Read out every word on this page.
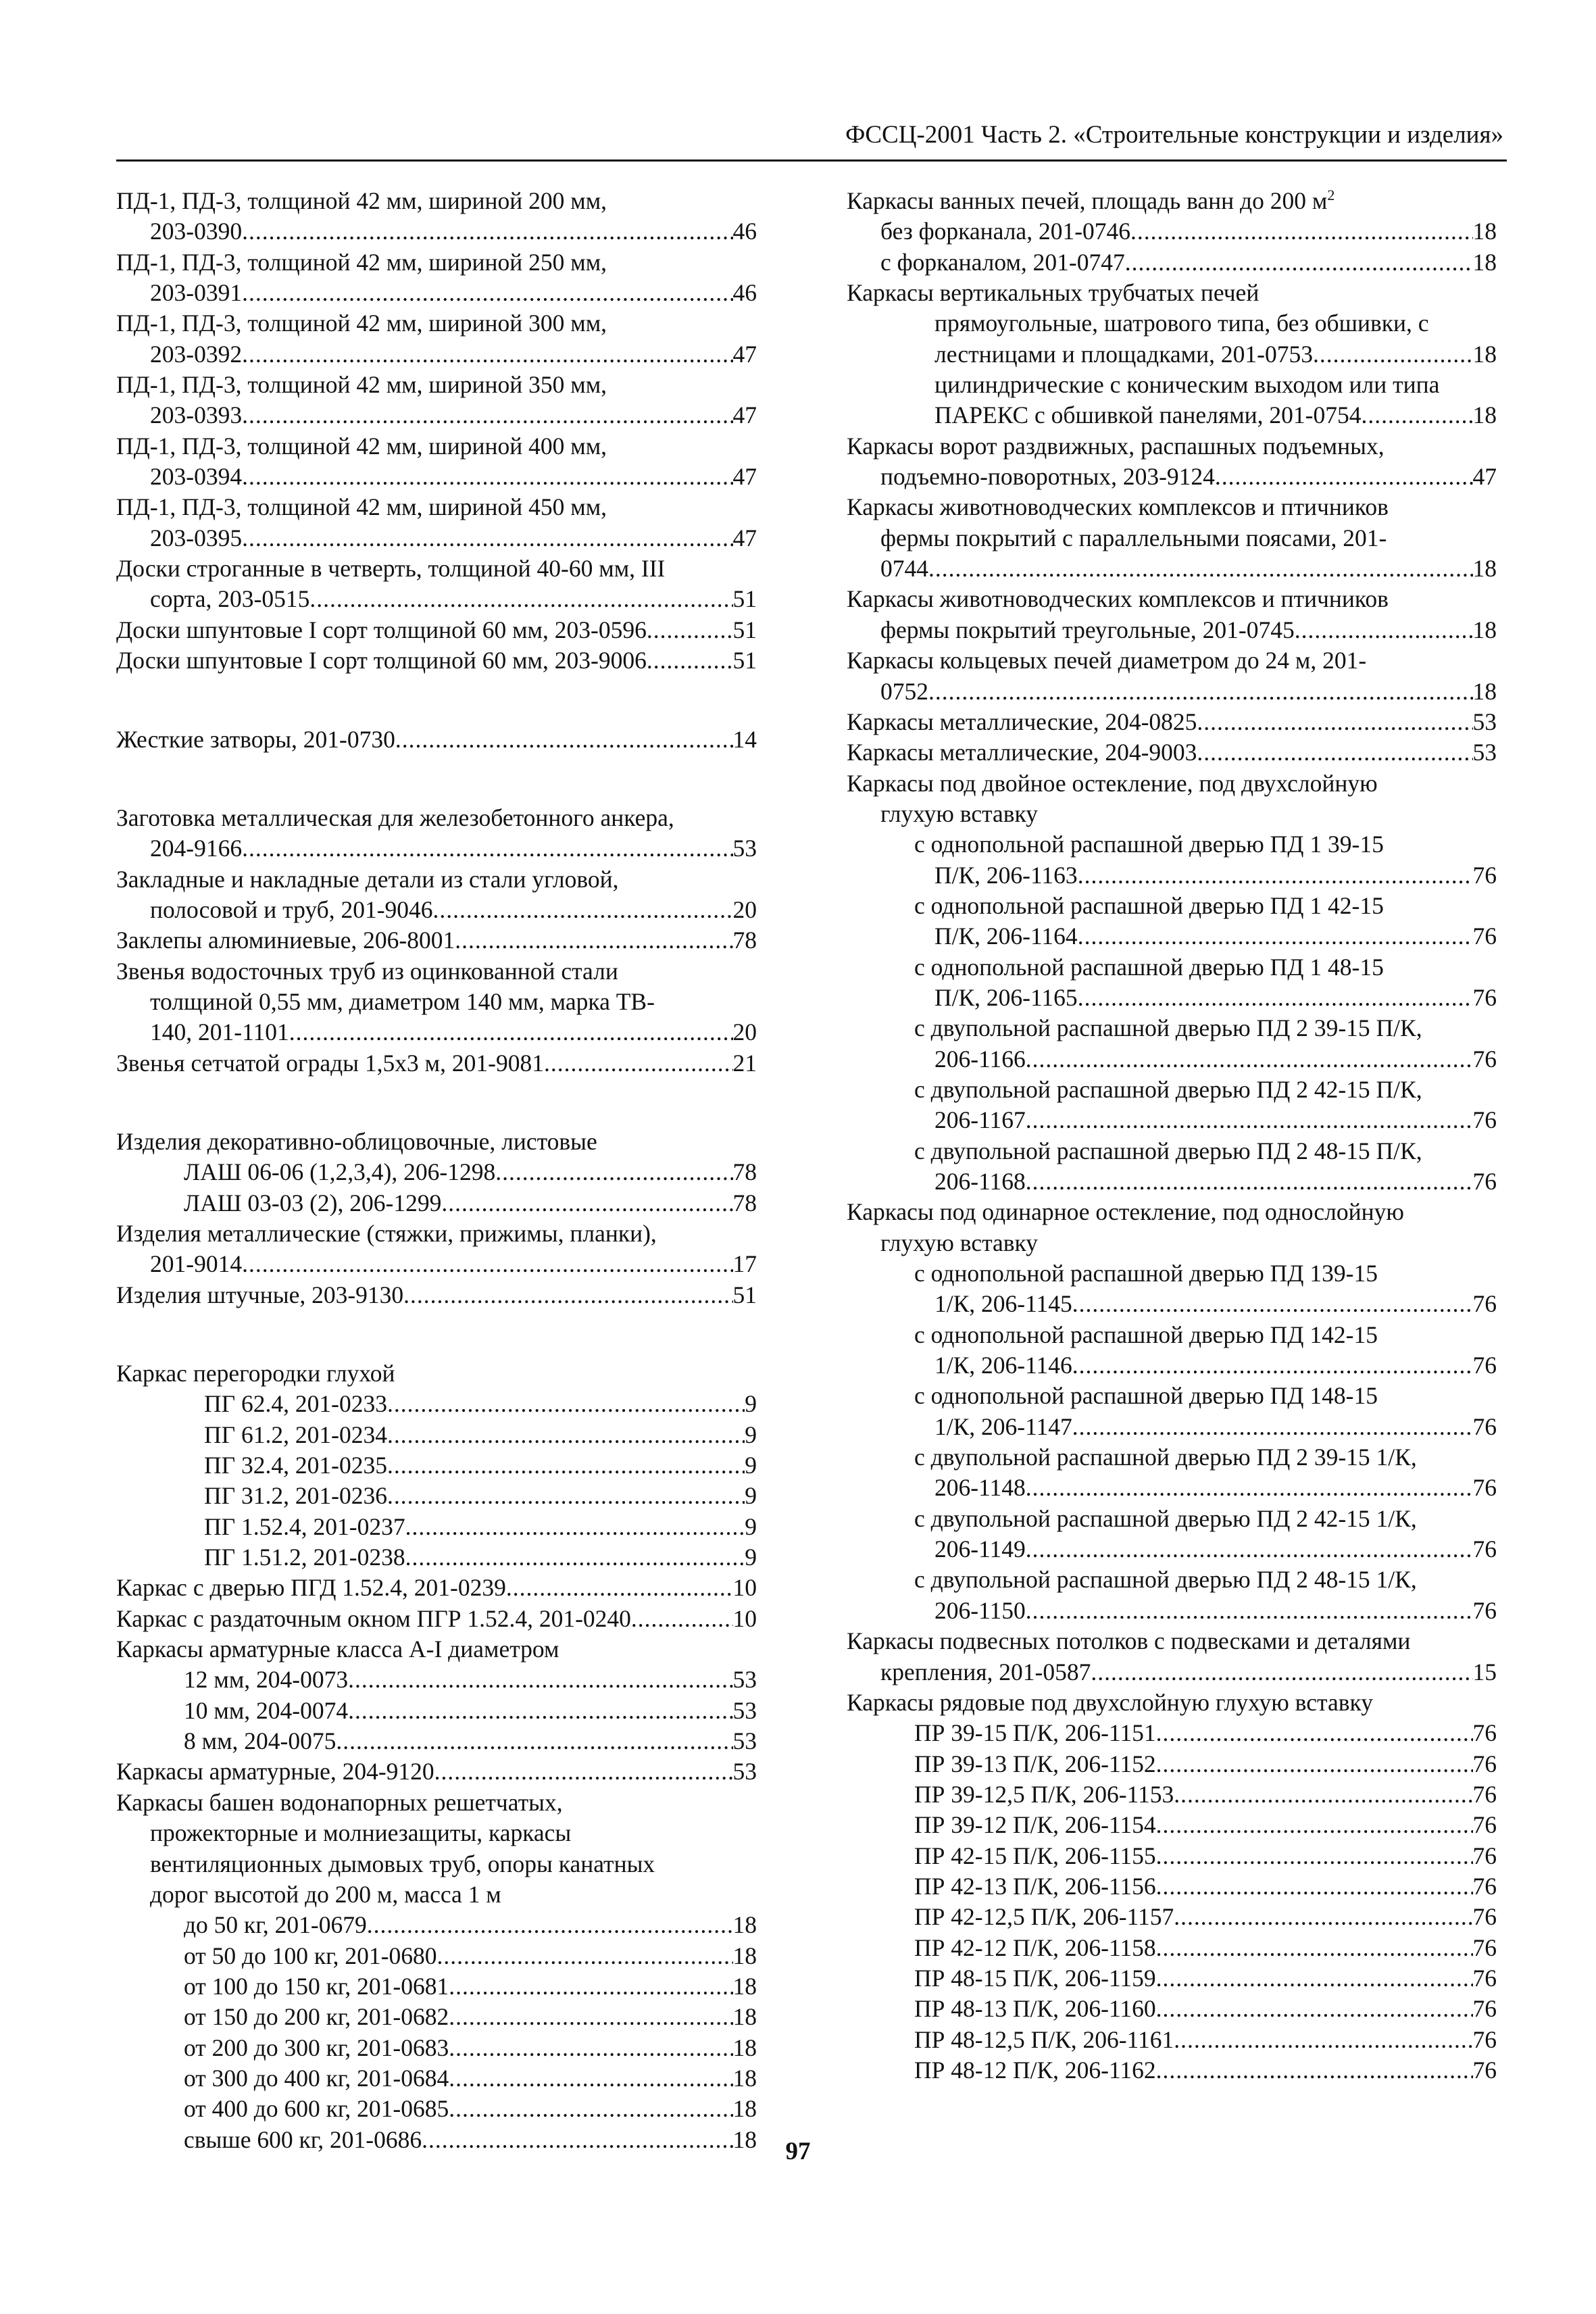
ФССЦ-2001 Часть 2. «Строительные конструкции и изделия»
ПД-1, ПД-3, толщиной 42 мм, шириной 200 мм,
203-0390 .....	46
ПД-1, ПД-3, толщиной 42 мм, шириной 250 мм,
203-0391 .....	46
ПД-1, ПД-3, толщиной 42 мм, шириной 300 мм,
203-0392 .....	47
ПД-1, ПД-3, толщиной 42 мм, шириной 350 мм,
203-0393 .....	47
ПД-1, ПД-3, толщиной 42 мм, шириной 400 мм,
203-0394 .....	47
ПД-1, ПД-3, толщиной 42 мм, шириной 450 мм,
203-0395 .....	47
Доски строганные в четверть, толщиной 40-60 мм, III
сорта, 203-0515 .....	51
Доски шпунтовые I сорт толщиной 60 мм, 203-0596 .....	51
Доски шпунтовые I сорт толщиной 60 мм, 203-9006 .....	51
Жесткие затворы, 201-0730 .....	14
Заготовка металлическая для железобетонного анкера,
204-9166 .....	53
Закладные и накладные детали из стали угловой,
полосовой и труб, 201-9046 .....	20
Заклепы алюминиевые, 206-8001 .....	78
Звенья водосточных труб из оцинкованной стали
толщиной 0,55 мм, диаметром 140 мм, марка ТВ-
140, 201-1101 .....	20
Звенья сетчатой ограды 1,5х3 м, 201-9081 .....	21
Изделия декоративно-облицовочные, листовые
ЛАШ 06-06 (1,2,3,4), 206-1298 .....	78
ЛАШ 03-03 (2), 206-1299 .....	78
Изделия металлические (стяжки, прижимы, планки),
201-9014 .....	17
Изделия штучные, 203-9130 .....	51
Каркас перегородки глухой
ПГ 62.4, 201-0233 .....	9
ПГ 61.2, 201-0234 .....	9
ПГ 32.4, 201-0235 .....	9
ПГ 31.2, 201-0236 .....	9
ПГ 1.52.4, 201-0237 .....	9
ПГ 1.51.2, 201-0238 .....	9
Каркас с дверью ПГД 1.52.4, 201-0239 .....	10
Каркас с раздаточным окном ПГР 1.52.4, 201-0240 .....	10
Каркасы арматурные класса А-I диаметром
12 мм, 204-0073 .....	53
10 мм, 204-0074 .....	53
8 мм, 204-0075 .....	53
Каркасы арматурные, 204-9120 .....	53
Каркасы башен водонапорных решетчатых,
прожекторные и молниезащиты, каркасы
вентиляционных дымовых труб, опоры канатных
дорог высотой до 200 м, масса 1 м
до 50 кг, 201-0679 .....	18
от 50 до 100 кг, 201-0680 .....	18
от 100 до 150 кг, 201-0681 .....	18
от 150 до 200 кг, 201-0682 .....	18
от 200 до 300 кг, 201-0683 .....	18
от 300 до 400 кг, 201-0684 .....	18
от 400 до 600 кг, 201-0685 .....	18
свыше 600 кг, 201-0686 .....	18
Каркасы ванных печей, площадь ванн до 200 $м^2$
без форканала, 201-0746 .....	18
с форканалом, 201-0747 .....	18
Каркасы вертикальных трубчатых печей
прямоугольные, шатрового типа, без обшивки, с
лестницами и площадками, 201-0753 .....	18
цилиндрические с коническим выходом или типа
ПАРЕКС с обшивкой панелями, 201-0754 .....	18
Каркасы ворот раздвижных, распашных подъемных,
подъемно-поворотных, 203-9124 .....	47
Каркасы животноводческих комплексов и птичников
фермы покрытий с параллельными поясами, 201-
0744 .....	18
Каркасы животноводческих комплексов и птичников
фермы покрытий треугольные, 201-0745 .....	18
Каркасы кольцевых печей диаметром до 24 м, 201-
0752 .....	18
Каркасы металлические, 204-0825 .....	53
Каркасы металлические, 204-9003 .....	53
Каркасы под двойное остекление, под двухслойную
глухую вставку
с однопольной распашной дверью ПД 1 39-15
П/К, 206-1163 .....	76
с однопольной распашной дверью ПД 1 42-15
П/К, 206-1164 .....	76
с однопольной распашной дверью ПД 1 48-15
П/К, 206-1165 .....	76
с двупольной распашной дверью ПД 2 39-15 П/К,
206-1166 .....	76
с двупольной распашной дверью ПД 2 42-15 П/К,
206-1167 .....	76
с двупольной распашной дверью ПД 2 48-15 П/К,
206-1168 .....	76
Каркасы под одинарное остекление, под однослойную
глухую вставку
с однопольной распашной дверью ПД 139-15
1/К, 206-1145 .....	76
с однопольной распашной дверью ПД 142-15
1/К, 206-1146 .....	76
с однопольной распашной дверью ПД 148-15
1/К, 206-1147 .....	76
с двупольной распашной дверью ПД 2 39-15 1/К,
206-1148 .....	76
с двупольной распашной дверью ПД 2 42-15 1/К,
206-1149 .....	76
с двупольной распашной дверью ПД 2 48-15 1/К,
206-1150 .....	76
Каркасы подвесных потолков с подвесками и деталями
крепления, 201-0587 .....	15
Каркасы рядовые под двухслойную глухую вставку
ПР 39-15 П/К, 206-1151 .....	76
ПР 39-13 П/К, 206-1152 .....	76
ПР 39-12,5 П/К, 206-1153 .....	76
ПР 39-12 П/К, 206-1154 .....	76
ПР 42-15 П/К, 206-1155 .....	76
ПР 42-13 П/К, 206-1156 .....	76
ПР 42-12,5 П/К, 206-1157 .....	76
ПР 42-12 П/К, 206-1158 .....	76
ПР 48-15 П/К, 206-1159 .....	76
ПР 48-13 П/К, 206-1160 .....	76
ПР 48-12,5 П/К, 206-1161 .....	76
ПР 48-12 П/К, 206-1162 .....	76
97
